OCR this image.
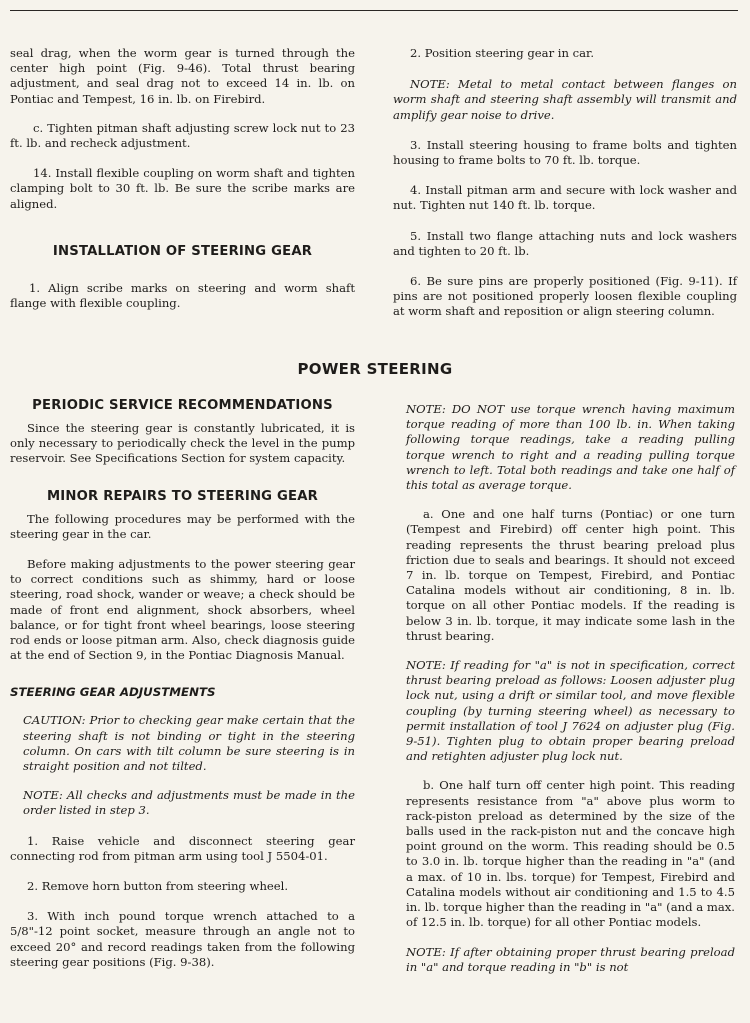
seal drag, when the worm gear is turned through the center high point (Fig. 9-46). Total thrust bearing adjustment, and seal drag not to exceed 14 in. lb. on Pontiac and Tempest, 16 in. lb. on Firebird.

c. Tighten pitman shaft adjusting screw lock nut to 23 ft. lb. and recheck adjustment.

14. Install flexible coupling on worm shaft and tighten clamping bolt to 30 ft. lb. Be sure the scribe marks are aligned.

INSTALLATION OF STEERING GEAR

1. Align scribe marks on steering and worm shaft flange with flexible coupling.

2. Position steering gear in car.

NOTE: Metal to metal contact between flanges on worm shaft and steering shaft assembly will transmit and amplify gear noise to drive.

3. Install steering housing to frame bolts and tighten housing to frame bolts to 70 ft. lb. torque.

4. Install pitman arm and secure with lock washer and nut. Tighten nut 140 ft. lb. torque.

5. Install two flange attaching nuts and lock washers and tighten to 20 ft. lb.

6. Be sure pins are properly positioned (Fig. 9-11). If pins are not positioned properly loosen flexible coupling at worm shaft and reposition or align steering column.

POWER STEERING
PERIODIC SERVICE RECOMMENDATIONS

Since the steering gear is constantly lubricated, it is only necessary to periodically check the level in the pump reservoir. See Specifications Section for system capacity.

MINOR REPAIRS TO STEERING GEAR

The following procedures may be performed with the steering gear in the car.

Before making adjustments to the power steering gear to correct conditions such as shimmy, hard or loose steering, road shock, wander or weave; a check should be made of front end alignment, shock absorbers, wheel balance, or for tight front wheel bearings, loose steering rod ends or loose pitman arm. Also, check diagnosis guide at the end of Section 9, in the Pontiac Diagnosis Manual.

STEERING GEAR ADJUSTMENTS

CAUTION: Prior to checking gear make certain that the steering shaft is not binding or tight in the steering column. On cars with tilt column be sure steering is in straight position and not tilted.

NOTE: All checks and adjustments must be made in the order listed in step 3.

1. Raise vehicle and disconnect steering gear connecting rod from pitman arm using tool J 5504-01.

2. Remove horn button from steering wheel.

3. With inch pound torque wrench attached to a 5/8"-12 point socket, measure through an angle not to exceed 20° and record readings taken from the following steering gear positions (Fig. 9-38).

NOTE: DO NOT use torque wrench having maximum torque reading of more than 100 lb. in. When taking following torque readings, take a reading pulling torque wrench to right and a reading pulling torque wrench to left. Total both readings and take one half of this total as average torque.

a. One and one half turns (Pontiac) or one turn (Tempest and Firebird) off center high point. This reading represents the thrust bearing preload plus friction due to seals and bearings. It should not exceed 7 in. lb. torque on Tempest, Firebird, and Pontiac Catalina models without air conditioning, 8 in. lb. torque on all other Pontiac models. If the reading is below 3 in. lb. torque, it may indicate some lash in the thrust bearing.

NOTE: If reading for "a" is not in specification, correct thrust bearing preload as follows: Loosen adjuster plug lock nut, using a drift or similar tool, and move flexible coupling (by turning steering wheel) as necessary to permit installation of tool J 7624 on adjuster plug (Fig. 9-51). Tighten plug to obtain proper bearing preload and retighten adjuster plug lock nut.

b. One half turn off center high point. This reading represents resistance from "a" above plus worm to rack-piston preload as determined by the size of the balls used in the rack-piston nut and the concave high point ground on the worm. This reading should be 0.5 to 3.0 in. lb. torque higher than the reading in "a" (and a max. of 10 in. lbs. torque) for Tempest, Firebird and Catalina models without air conditioning and 1.5 to 4.5 in. lb. torque higher than the reading in "a" (and a max. of 12.5 in. lb. torque) for all other Pontiac models.

NOTE: If after obtaining proper thrust bearing preload in "a" and torque reading in "b" is not
